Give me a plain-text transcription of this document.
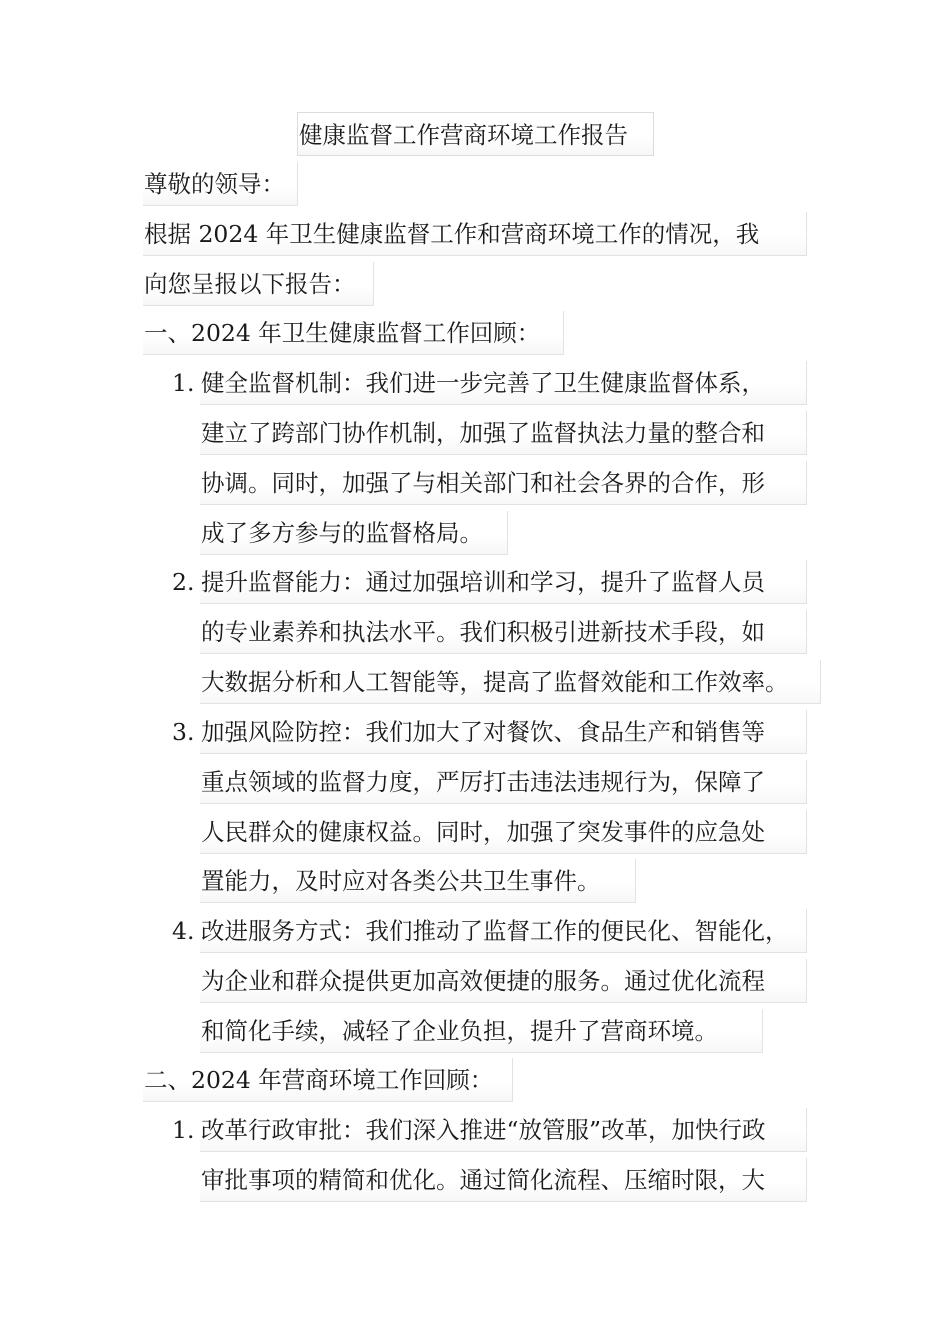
健康监督工作营商环境工作报告
尊敬的领导：
根据 2024 年卫生健康监督工作和营商环境工作的情况，我
向您呈报以下报告：
一、2024 年卫生健康监督工作回顾：
1. 健全监督机制：我们进一步完善了卫生健康监督体系，
建立了跨部门协作机制，加强了监督执法力量的整合和
协调。同时，加强了与相关部门和社会各界的合作，形
成了多方参与的监督格局。
2. 提升监督能力：通过加强培训和学习，提升了监督人员
的专业素养和执法水平。我们积极引进新技术手段，如
大数据分析和人工智能等，提高了监督效能和工作效率。
3. 加强风险防控：我们加大了对餐饮、食品生产和销售等
重点领域的监督力度，严厉打击违法违规行为，保障了
人民群众的健康权益。同时，加强了突发事件的应急处
置能力，及时应对各类公共卫生事件。
4. 改进服务方式：我们推动了监督工作的便民化、智能化，
为企业和群众提供更加高效便捷的服务。通过优化流程
和简化手续，减轻了企业负担，提升了营商环境。
二、2024 年营商环境工作回顾：
1. 改革行政审批：我们深入推进“放管服”改革，加快行政
审批事项的精简和优化。通过简化流程、压缩时限，大
